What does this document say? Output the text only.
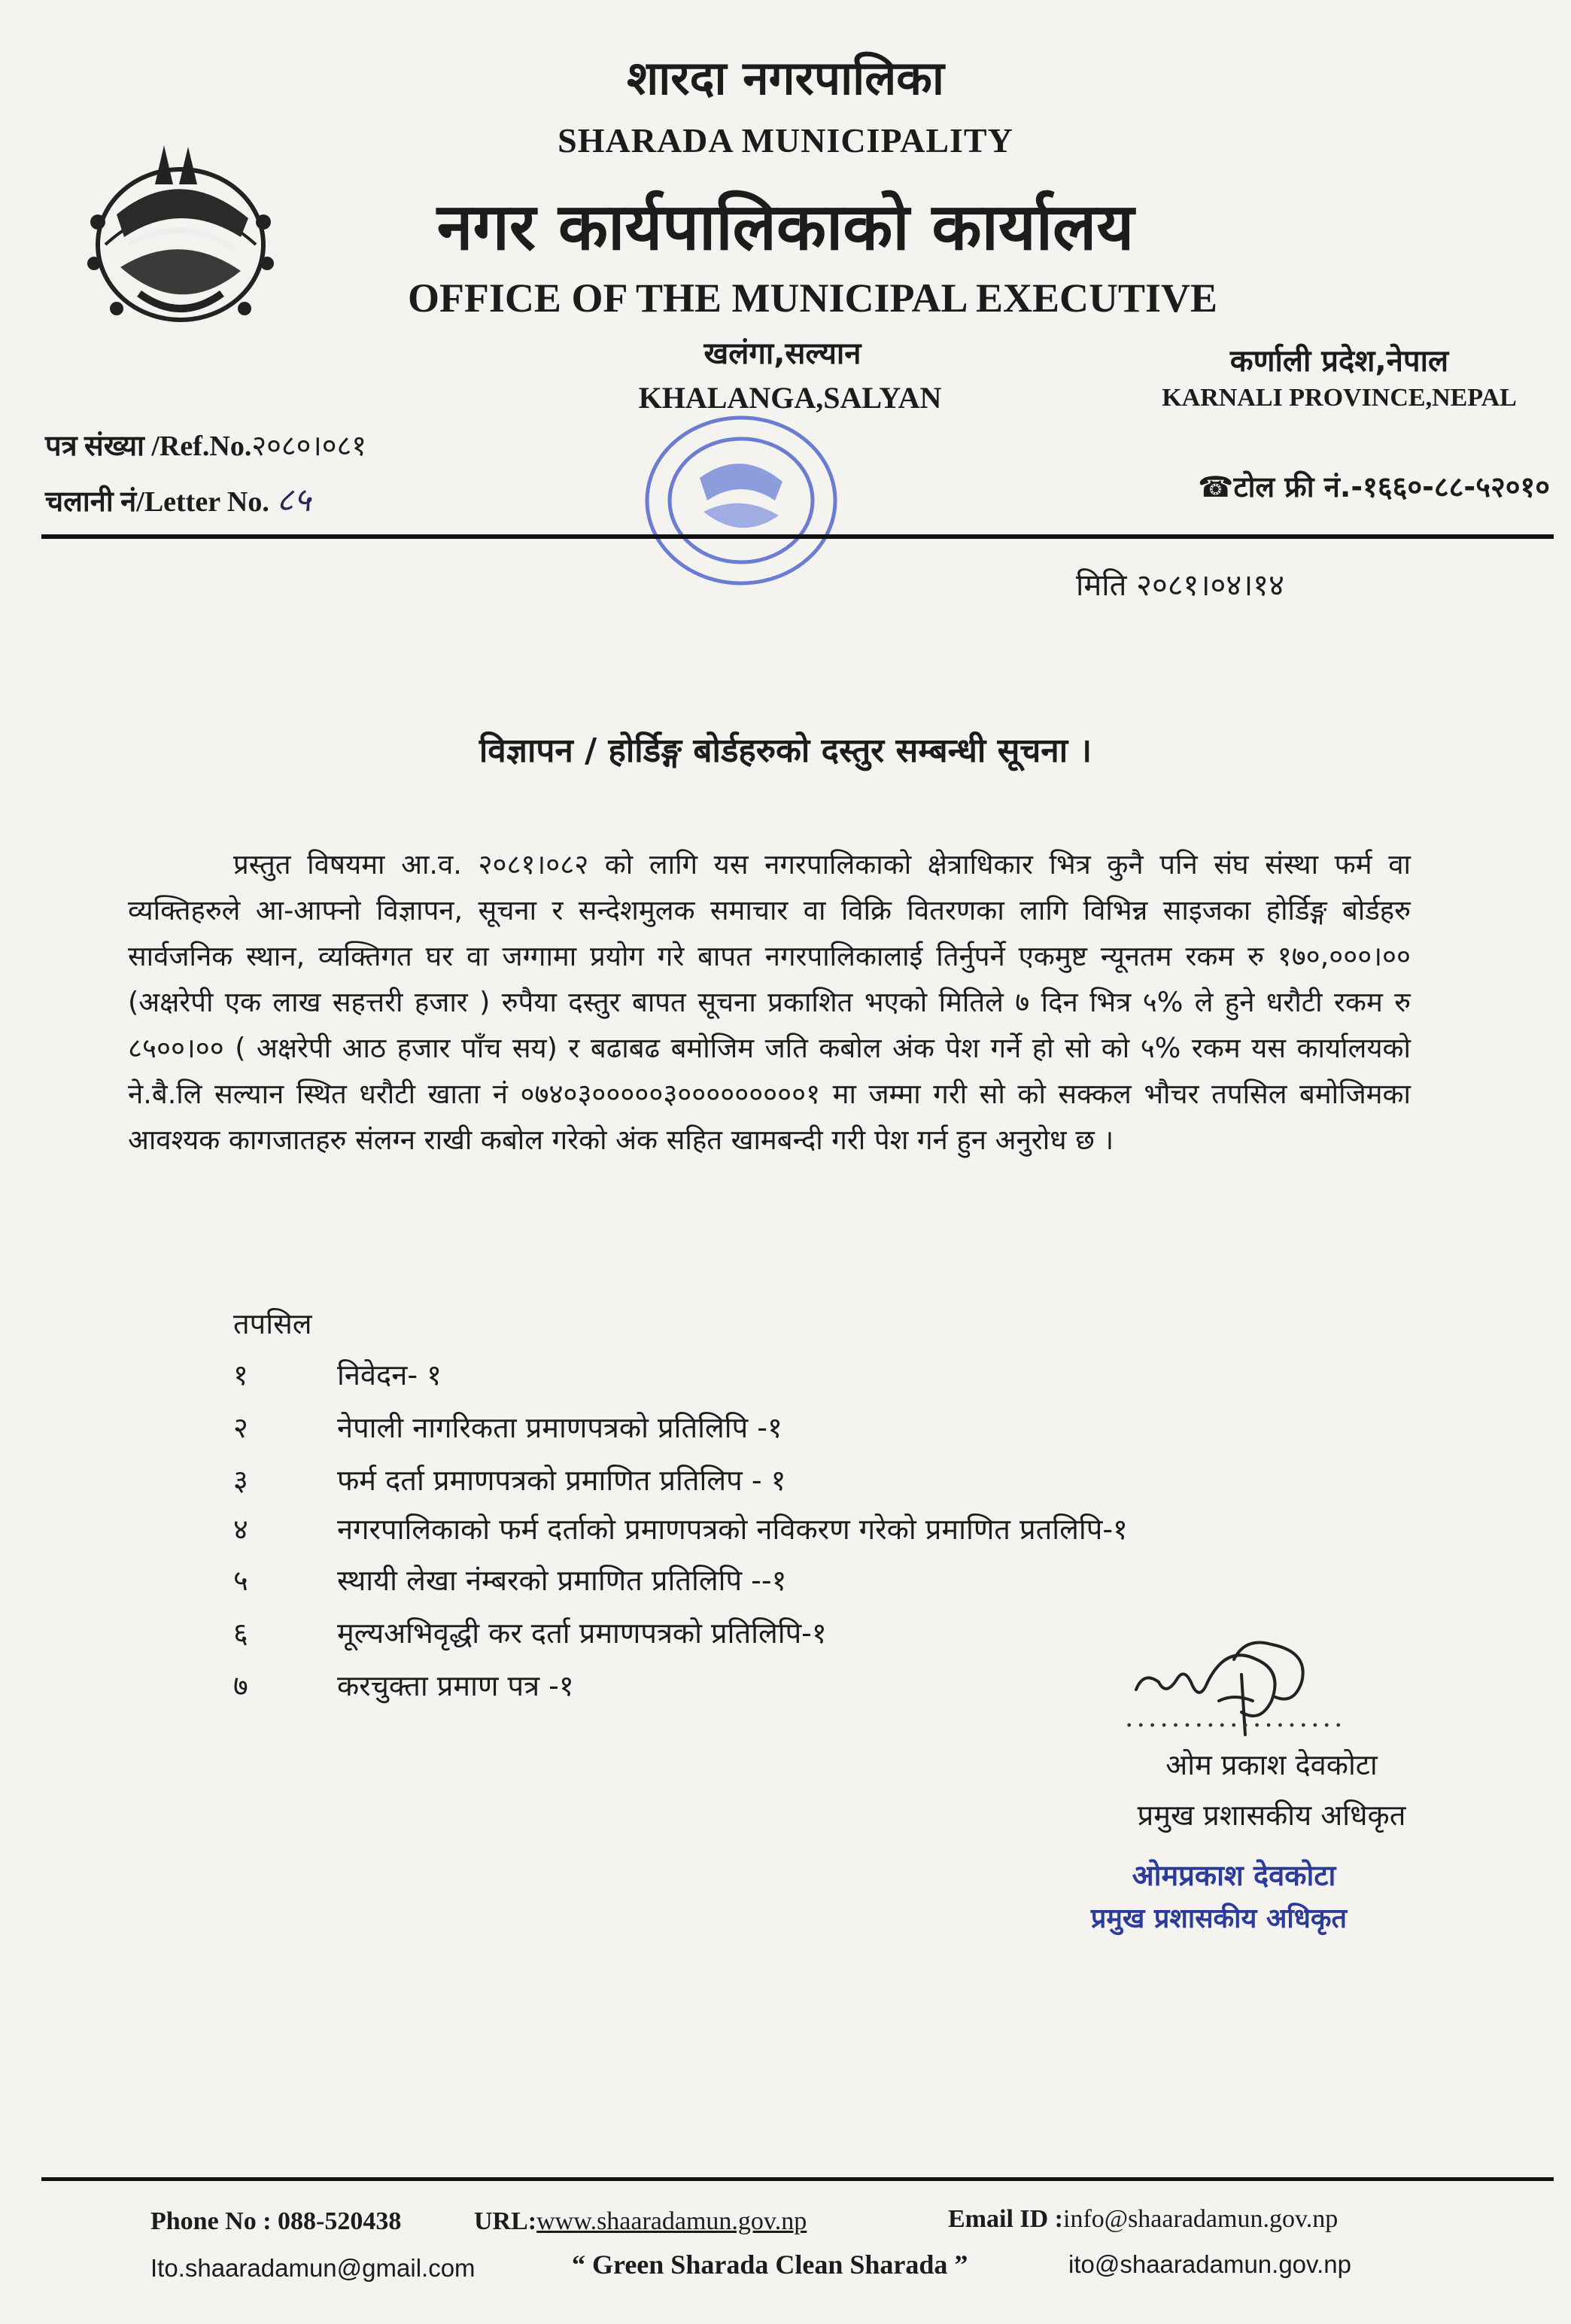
शारदा नगरपालिका
SHARADA MUNICIPALITY
नगर कार्यपालिकाको कार्यालय
OFFICE OF THE MUNICIPAL EXECUTIVE
खलंगा,सल्यान
KHALANGA,SALYAN
कर्णाली प्रदेश,नेपाल
KARNALI PROVINCE,NEPAL
पत्र संख्या /Ref.No.२०८०।०८१
चलानी नं/Letter No. ८५	☎टोल फ्री नं.-१६६०-८८-५२०१०
मिति २०८१।०४।१४
विज्ञापन / होर्डिङ्ग बोर्डहरुको दस्तुर सम्बन्धी सूचना ।
प्रस्तुत विषयमा आ.व. २०८१।०८२ को लागि यस नगरपालिकाको क्षेत्राधिकार भित्र कुनै पनि संघ संस्था फर्म वा व्यक्तिहरुले आ-आफ्नो विज्ञापन, सूचना र सन्देशमुलक समाचार वा विक्रि वितरणका लागि विभिन्न साइजका होर्डिङ्ग बोर्डहरु सार्वजनिक स्थान, व्यक्तिगत घर वा जग्गामा प्रयोग गरे बापत नगरपालिकालाई तिर्नुपर्ने एकमुष्ट न्यूनतम रकम रु १७०,०००।०० (अक्षरेपी एक लाख सहत्तरी हजार ) रुपैया दस्तुर बापत सूचना प्रकाशित भएको मितिले ७ दिन भित्र ५% ले हुने धरौटी रकम रु ८५००।०० ( अक्षरेपी आठ हजार पाँच सय) र बढाबढ बमोजिम जति कबोल अंक पेश गर्ने हो सो को ५% रकम यस कार्यालयको ने.बै.लि सल्यान स्थित धरौटी खाता नं ०७४०३०००००३०००००००००१ मा जम्मा गरी सो को सक्कल भौचर तपसिल बमोजिमका आवश्यक कागजातहरु संलग्न राखी कबोल गरेको अंक सहित खामबन्दी गरी पेश गर्न हुन अनुरोध छ ।
तपसिल
१	निवेदन- १
२	नेपाली नागरिकता प्रमाणपत्रको प्रतिलिपि -१
३	फर्म दर्ता प्रमाणपत्रको प्रमाणित प्रतिलिप - १
४	नगरपालिकाको फर्म दर्ताको प्रमाणपत्रको नविकरण गरेको प्रमाणित प्रतलिपि-१
५	स्थायी लेखा नंम्बरको प्रमाणित प्रतिलिपि --१
६	मूल्यअभिवृद्धी कर दर्ता प्रमाणपत्रको प्रतिलिपि-१
७	करचुक्ता प्रमाण पत्र -१
...................
ओम प्रकाश देवकोटा
प्रमुख प्रशासकीय अधिकृत
ओमप्रकाश देवकोटा
प्रमुख प्रशासकीय अधिकृत
Phone No : 088-520438	URL:www.shaaradamun.gov.np	Email ID :info@shaaradamun.gov.np
Ito.shaaradamun@gmail.com	“ Green Sharada Clean Sharada ”	ito@shaaradamun.gov.np
